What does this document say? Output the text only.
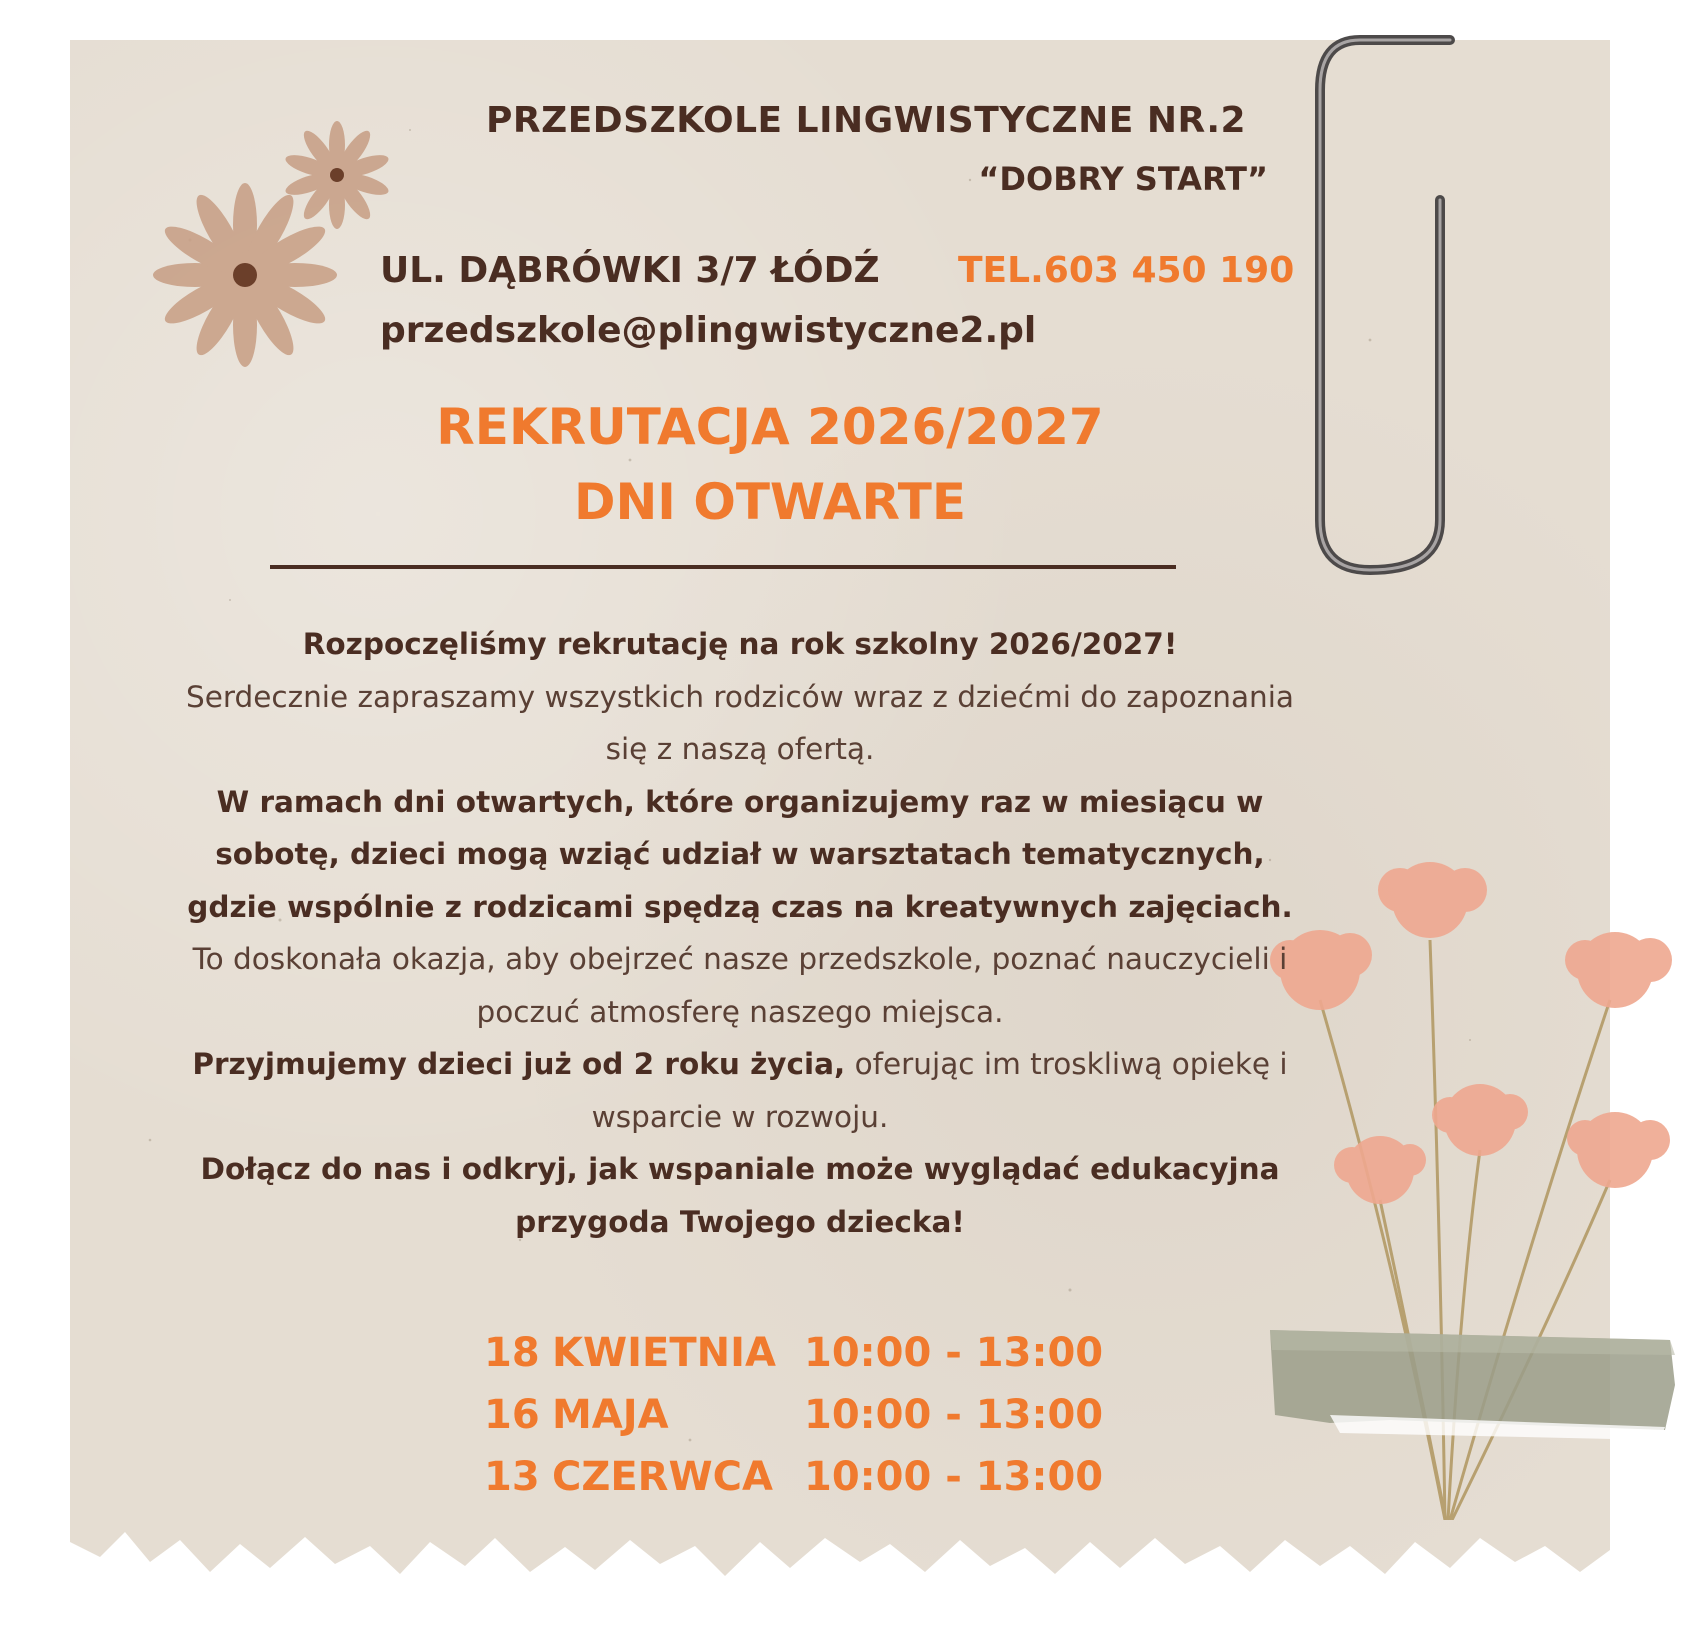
PRZEDSZKOLE LINGWISTYCZNE NR.2
“DOBRY START”
UL. DĄBRÓWKI 3/7 ŁÓDŹ TEL.603 450 190
przedszkole@plingwistyczne2.pl
REKRUTACJA 2026/2027
DNI OTWARTE

Rozpoczęliśmy rekrutację na rok szkolny 2026/2027!

Serdecznie zapraszamy wszystkich rodziców wraz z dziećmi do zapoznania się z naszą ofertą.

W ramach dni otwartych, które organizujemy raz w miesiącu w sobotę, dzieci mogą wziąć udział w warsztatach tematycznych, gdzie wspólnie z rodzicami spędzą czas na kreatywnych zajęciach.

To doskonała okazja, aby obejrzeć nasze przedszkole, poznać nauczycieli i poczuć atmosferę naszego miejsca.

Przyjmujemy dzieci już od 2 roku życia, oferując im troskliwą opiekę i wsparcie w rozwoju.

Dołącz do nas i odkryj, jak wspaniale może wyglądać edukacyjna przygoda Twojego dziecka!

18 KWIETNIA 10:00 - 13:00
16 MAJA	10:00 - 13:00
13 CZERWCA 10:00 - 13:00
